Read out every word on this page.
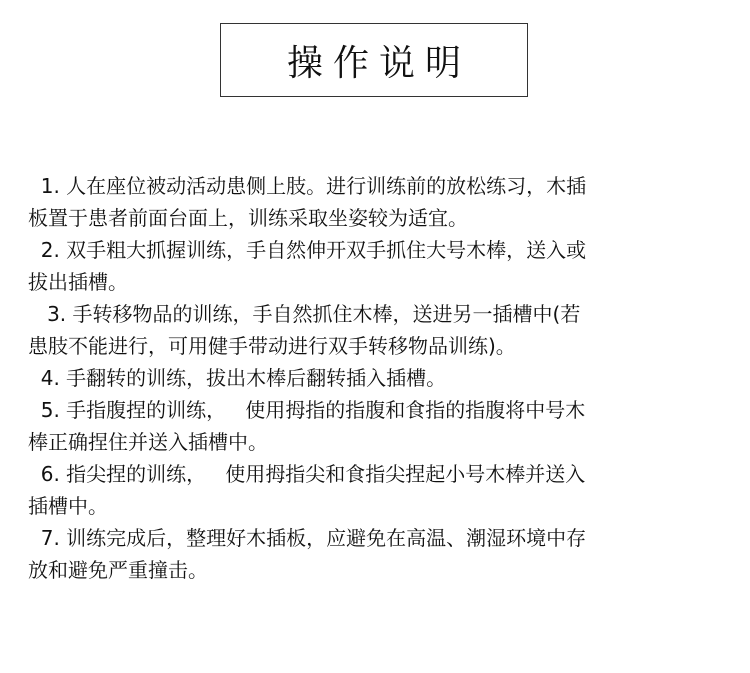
操作说明
1. 人在座位被动活动患侧上肢。进行训练前的放松练习，木插
板置于患者前面台面上，训练采取坐姿较为适宜。
2. 双手粗大抓握训练，手自然伸开双手抓住大号木棒，送入或
拔出插槽。
3. 手转移物品的训练，手自然抓住木棒，送进另一插槽中(若
患肢不能进行，可用健手带动进行双手转移物品训练)。
4. 手翻转的训练，拔出木棒后翻转插入插槽。
5. 手指腹捏的训练，   使用拇指的指腹和食指的指腹将中号木
棒正确捏住并送入插槽中。
6. 指尖捏的训练，   使用拇指尖和食指尖捏起小号木棒并送入
插槽中。
7. 训练完成后，整理好木插板，应避免在高温、潮湿环境中存
放和避免严重撞击。
